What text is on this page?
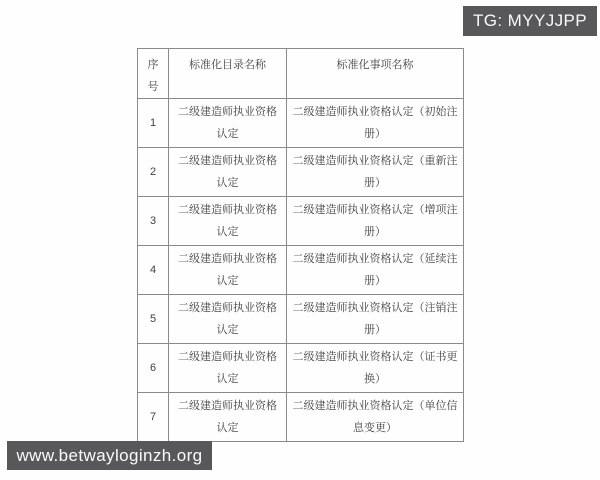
TG: MYYJJPP
序号	标准化目录名称	标准化事项名称
1	二级建造师执业资格认定	二级建造师执业资格认定（初始注册）
2	二级建造师执业资格认定	二级建造师执业资格认定（重新注册）
3	二级建造师执业资格认定	二级建造师执业资格认定（增项注册）
4	二级建造师执业资格认定	二级建造师执业资格认定（延续注册）
5	二级建造师执业资格认定	二级建造师执业资格认定（注销注册）
6	二级建造师执业资格认定	二级建造师执业资格认定（证书更换）
7	二级建造师执业资格认定	二级建造师执业资格认定（单位信息变更）
www.betwayloginzh.org
